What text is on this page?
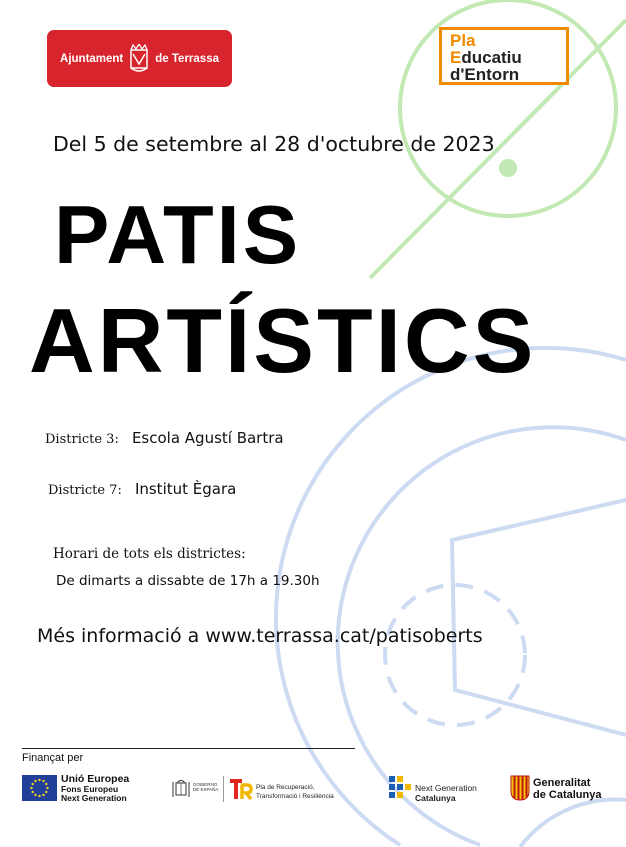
Ajuntament	de Terrassa
Pla
Educatiu
d'Entorn
Del 5 de setembre al 28 d'octubre de 2023
PATIS
ARTÍSTICS
Districte 3: Escola Agustí Bartra
Districte 7: Institut Ègara
Horari de tots els districtes:
De dimarts a dissabte de 17h a 19.30h
Més informació a www.terrassa.cat/patisoberts
Finançat per
Unió Europea
Fons Europeu
Next Generation
GOBIERNO
DE ESPAÑA	Pla de Recuperació,
Transformació i Resiliència
Next Generation
Catalunya
Generalitat
de Catalunya
